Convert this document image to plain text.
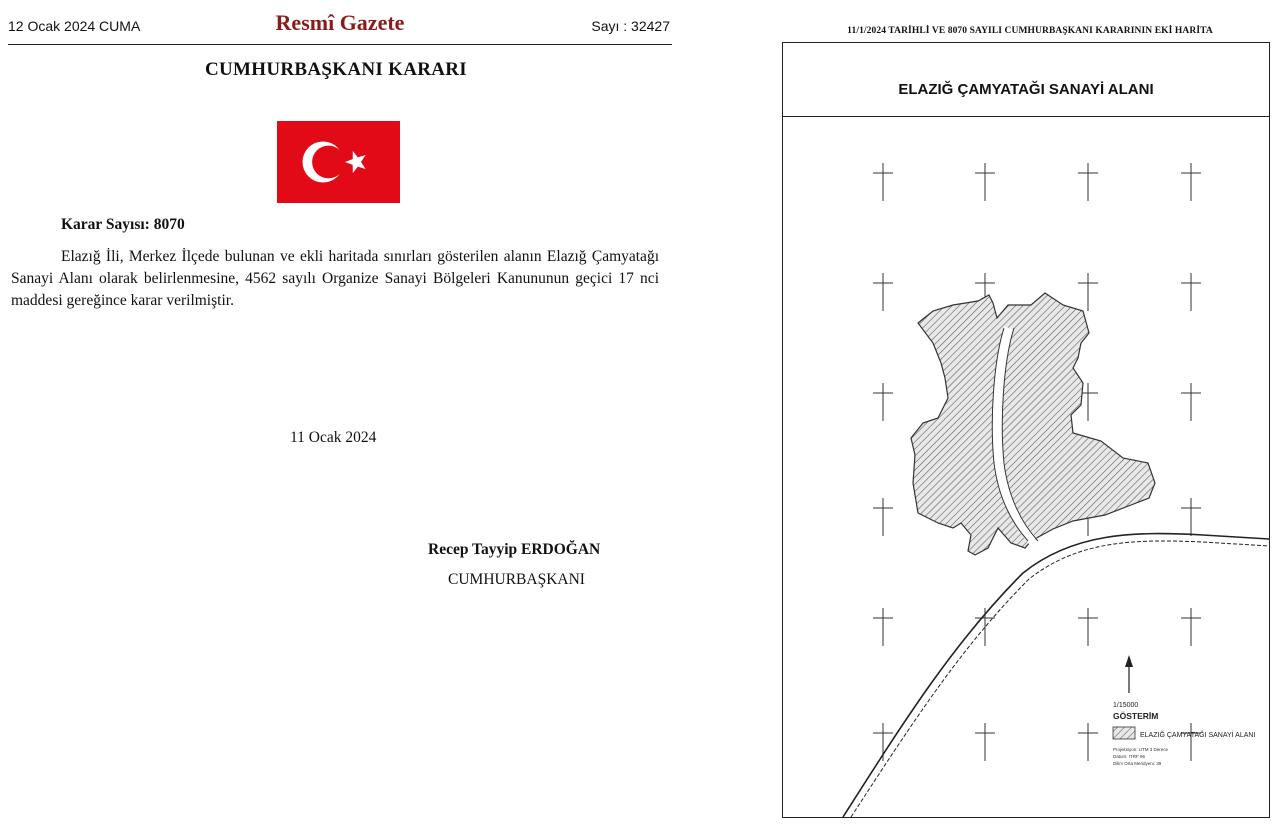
12 Ocak 2024 CUMA	Resmî Gazete	Sayı : 32427
CUMHURBAŞKANI KARARI
Karar Sayısı: 8070
Elazığ İli, Merkez İlçede bulunan ve ekli haritada sınırları gösterilen alanın Elazığ Çamyatağı Sanayi Alanı olarak belirlenmesine, 4562 sayılı Organize Sanayi Bölgeleri Kanununun geçici 17 nci maddesi gereğince karar verilmiştir.
11 Ocak 2024
Recep Tayyip ERDOĞAN
CUMHURBAŞKANI
11/1/2024 TARİHLİ VE 8070 SAYILI CUMHURBAŞKANI KARARININ EKİ HARİTA
ELAZIĞ ÇAMYATAĞI SANAYİ ALANI
1/15000
GÖSTERİM
ELAZIĞ ÇAMYATAĞI SANAYİ ALANI
Projeksiyon: UTM 3 Derece
Datum: ITRF 96
Dilim Orta Meridyeni: 39
